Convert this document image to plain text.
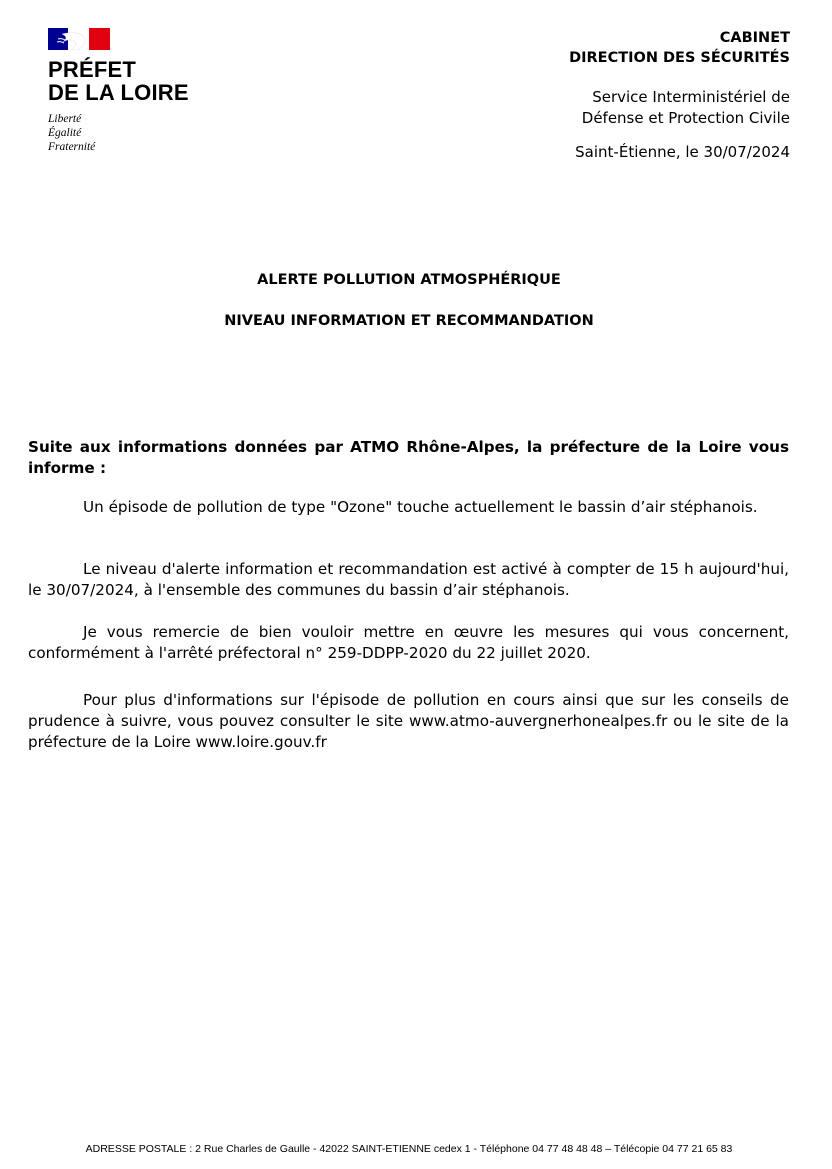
PRÉFET
DE LA LOIRE
Liberté
Égalité
Fraternité
CABINET
DIRECTION DES SÉCURITÉS
Service Interministériel de
Défense et Protection Civile
Saint-Étienne, le 30/07/2024
ALERTE POLLUTION ATMOSPHÉRIQUE
NIVEAU INFORMATION ET RECOMMANDATION
Suite aux informations données par ATMO Rhône-Alpes, la préfecture de la Loire vous informe :
Un épisode de pollution de type "Ozone" touche actuellement le bassin d’air stéphanois.
Le niveau d'alerte information et recommandation est activé à compter de 15 h aujourd'hui, le 30/07/2024, à l'ensemble des communes du bassin d’air stéphanois.
Je vous remercie de bien vouloir mettre en œuvre les mesures qui vous concernent, conformément à l'arrêté préfectoral n° 259-DDPP-2020 du 22 juillet 2020.
Pour plus d'informations sur l'épisode de pollution en cours ainsi que sur les conseils de prudence à suivre, vous pouvez consulter le site www.atmo-auvergnerhonealpes.fr ou le site de la préfecture de la Loire www.loire.gouv.fr
ADRESSE POSTALE : 2 Rue Charles de Gaulle - 42022 SAINT-ETIENNE cedex 1 - Téléphone 04 77 48 48 48 – Télécopie 04 77 21 65 83
